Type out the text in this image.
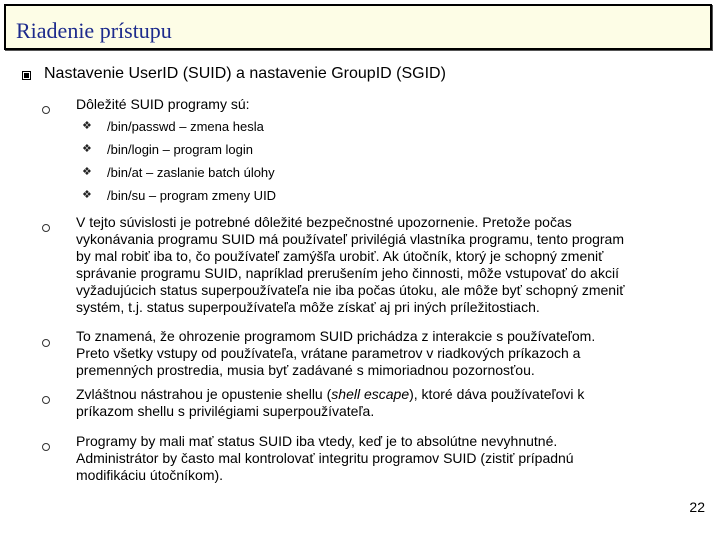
Riadenie prístupu
Nastavenie UserID (SUID) a nastavenie GroupID (SGID)
Dôležité SUID programy sú:
❖ /bin/passwd – zmena hesla
❖ /bin/login – program login
❖ /bin/at – zaslanie batch úlohy
❖ /bin/su – program zmeny UID
V tejto súvislosti je potrebné dôležité bezpečnostné upozornenie. Pretože počas
vykonávania programu SUID má používateľ privilégiá vlastníka programu, tento program
by mal robiť iba to, čo používateľ zamýšľa urobiť. Ak útočník, ktorý je schopný zmeniť
správanie programu SUID, napríklad prerušením jeho činnosti, môže vstupovať do akcií
vyžadujúcich status superpoužívateľa nie iba počas útoku, ale môže byť schopný zmeniť
systém, t.j. status superpoužívateľa môže získať aj pri iných príležitostiach.
To znamená, že ohrozenie programom SUID prichádza z interakcie s používateľom.
Preto všetky vstupy od používateľa, vrátane parametrov v riadkových príkazoch a
premenných prostredia, musia byť zadávané s mimoriadnou pozornosťou.
Zvláštnou nástrahou je opustenie shellu (shell escape), ktoré dáva používateľovi k
príkazom shellu s privilégiami superpoužívateľa.
Programy by mali mať status SUID iba vtedy, keď je to absolútne nevyhnutné.
Administrátor by často mal kontrolovať integritu programov SUID (zistiť prípadnú
modifikáciu útočníkom).
22
